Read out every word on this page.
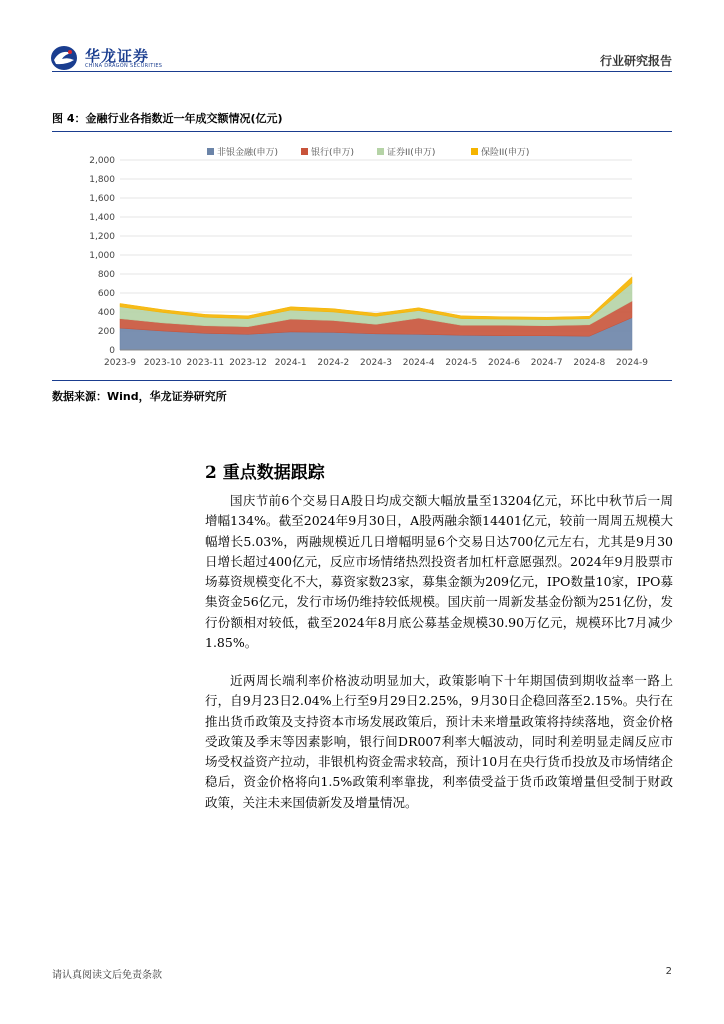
华龙证券
CHINA DRAGON SECURITIES	行业研究报告
图 4：金融行业各指数近一年成交额情况(亿元)
0
200
400
600
800
1,000
1,200
1,400
1,600
1,800
2,000
2023-9 2023-10 2023-11 2023-12 2024-1 2024-2 2024-3 2024-4 2024-5 2024-6 2024-7 2024-8 2024-9
非银金融(申万)	银行(申万)	证券II(申万)	保险II(申万)
数据来源：Wind，华龙证券研究所
2 重点数据跟踪

国庆节前6个交易日A股日均成交额大幅放量至13204亿元，环比中秋节后一周增幅134%。截至2024年9月30日，A股两融余额14401亿元，较前一周周五规模大幅增长5.03%，两融规模近几日增幅明显6个交易日达700亿元左右，尤其是9月30日增长超过400亿元，反应市场情绪热烈投资者加杠杆意愿强烈。2024年9月股票市场募资规模变化不大，募资家数23家，募集金额为209亿元，IPO数量10家，IPO募集资金56亿元，发行市场仍维持较低规模。国庆前一周新发基金份额为251亿份，发行份额相对较低，截至2024年8月底公募基金规模30.90万亿元，规模环比7月减少1.85%。

近两周长端利率价格波动明显加大，政策影响下十年期国债到期收益率一路上行，自9月23日2.04%上行至9月29日2.25%，9月30日企稳回落至2.15%。央行在推出货币政策及支持资本市场发展政策后，预计未来增量政策将持续落地，资金价格受政策及季末等因素影响，银行间DR007利率大幅波动，同时利差明显走阔反应市场受权益资产拉动，非银机构资金需求较高，预计10月在央行货币投放及市场情绪企稳后，资金价格将向1.5%政策利率靠拢，利率债受益于货币政策增量但受制于财政政策，关注未来国债新发及增量情况。

请认真阅读文后免责条款	2
